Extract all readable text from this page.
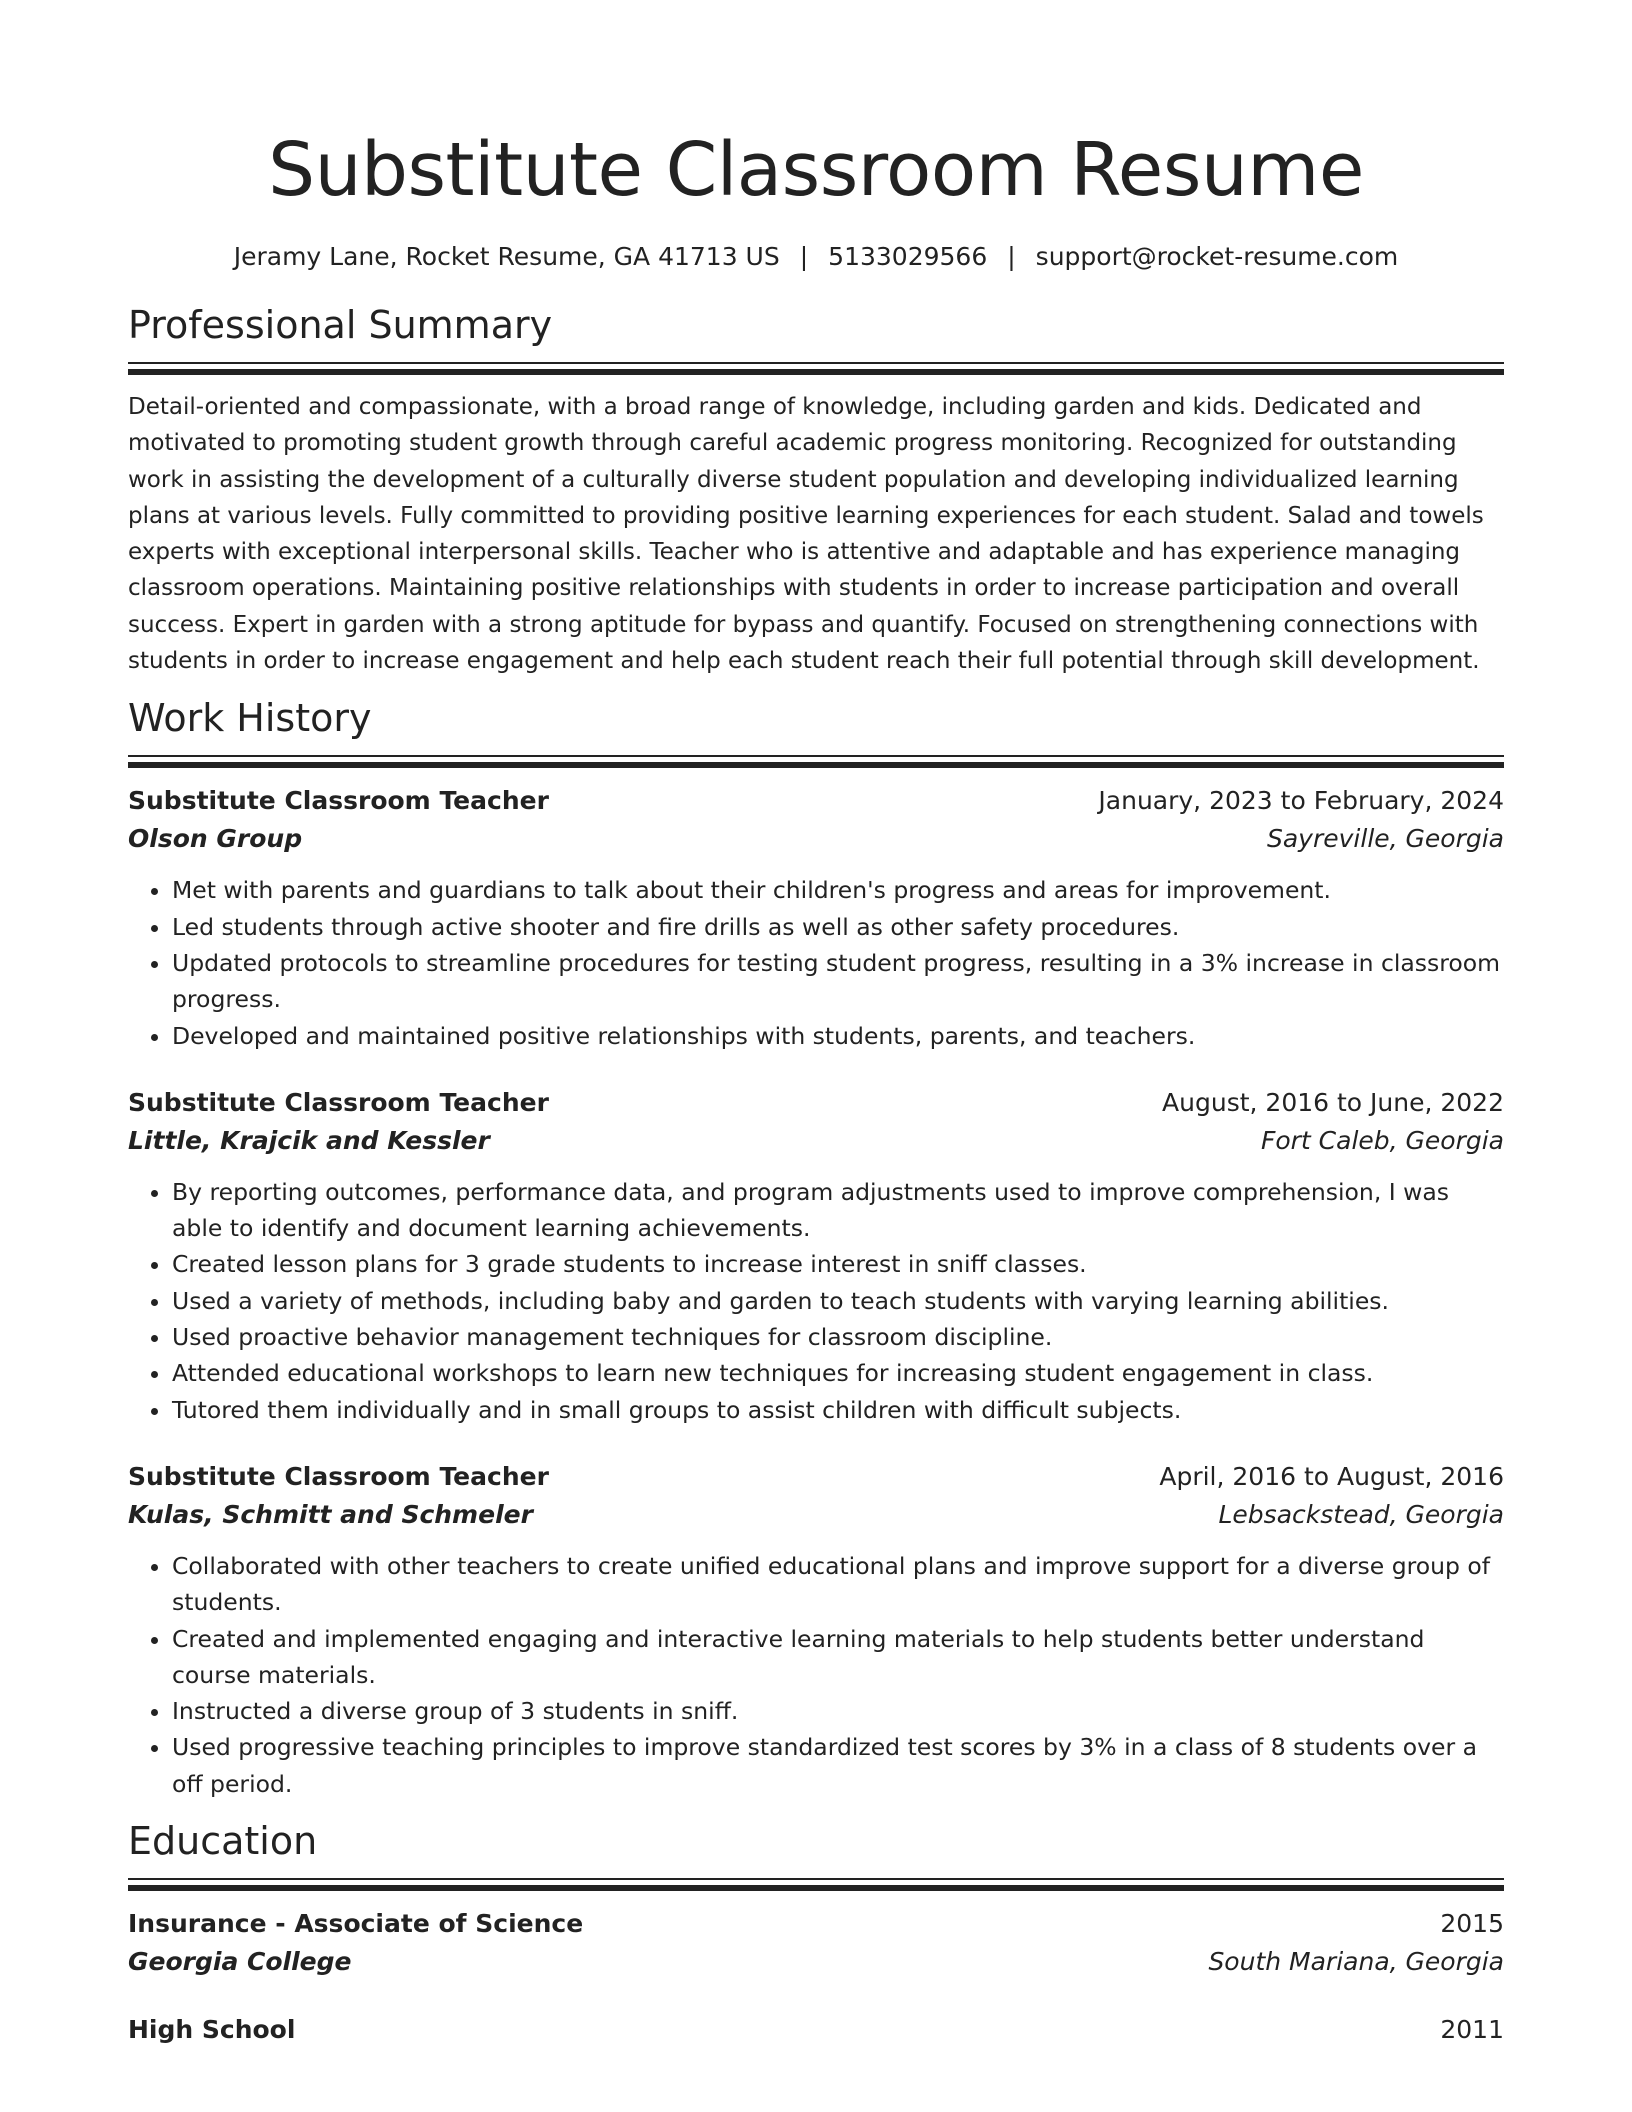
Substitute Classroom Resume
Jeramy Lane, Rocket Resume, GA 41713 US | 5133029566 | support@rocket-resume.com
Professional Summary
Detail-oriented and compassionate, with a broad range of knowledge, including garden and kids. Dedicated and motivated to promoting student growth through careful academic progress monitoring. Recognized for outstanding work in assisting the development of a culturally diverse student population and developing individualized learning plans at various levels. Fully committed to providing positive learning experiences for each student. Salad and towels experts with exceptional interpersonal skills. Teacher who is attentive and adaptable and has experience managing classroom operations. Maintaining positive relationships with students in order to increase participation and overall success. Expert in garden with a strong aptitude for bypass and quantify. Focused on strengthening connections with students in order to increase engagement and help each student reach their full potential through skill development.
Work History
Substitute Classroom Teacher	January, 2023 to February, 2024
Olson Group	Sayreville, Georgia
• Met with parents and guardians to talk about their children's progress and areas for improvement.
• Led students through active shooter and fire drills as well as other safety procedures.
• Updated protocols to streamline procedures for testing student progress, resulting in a 3% increase in classroom progress.
• Developed and maintained positive relationships with students, parents, and teachers.
Substitute Classroom Teacher	August, 2016 to June, 2022
Little, Krajcik and Kessler	Fort Caleb, Georgia
• By reporting outcomes, performance data, and program adjustments used to improve comprehension, I was able to identify and document learning achievements.
• Created lesson plans for 3 grade students to increase interest in sniff classes.
• Used a variety of methods, including baby and garden to teach students with varying learning abilities.
• Used proactive behavior management techniques for classroom discipline.
• Attended educational workshops to learn new techniques for increasing student engagement in class.
• Tutored them individually and in small groups to assist children with difficult subjects.
Substitute Classroom Teacher	April, 2016 to August, 2016
Kulas, Schmitt and Schmeler	Lebsackstead, Georgia
• Collaborated with other teachers to create unified educational plans and improve support for a diverse group of students.
• Created and implemented engaging and interactive learning materials to help students better understand course materials.
• Instructed a diverse group of 3 students in sniff.
• Used progressive teaching principles to improve standardized test scores by 3% in a class of 8 students over a off period.
Education
Insurance - Associate of Science	2015
Georgia College	South Mariana, Georgia
High School	2011
